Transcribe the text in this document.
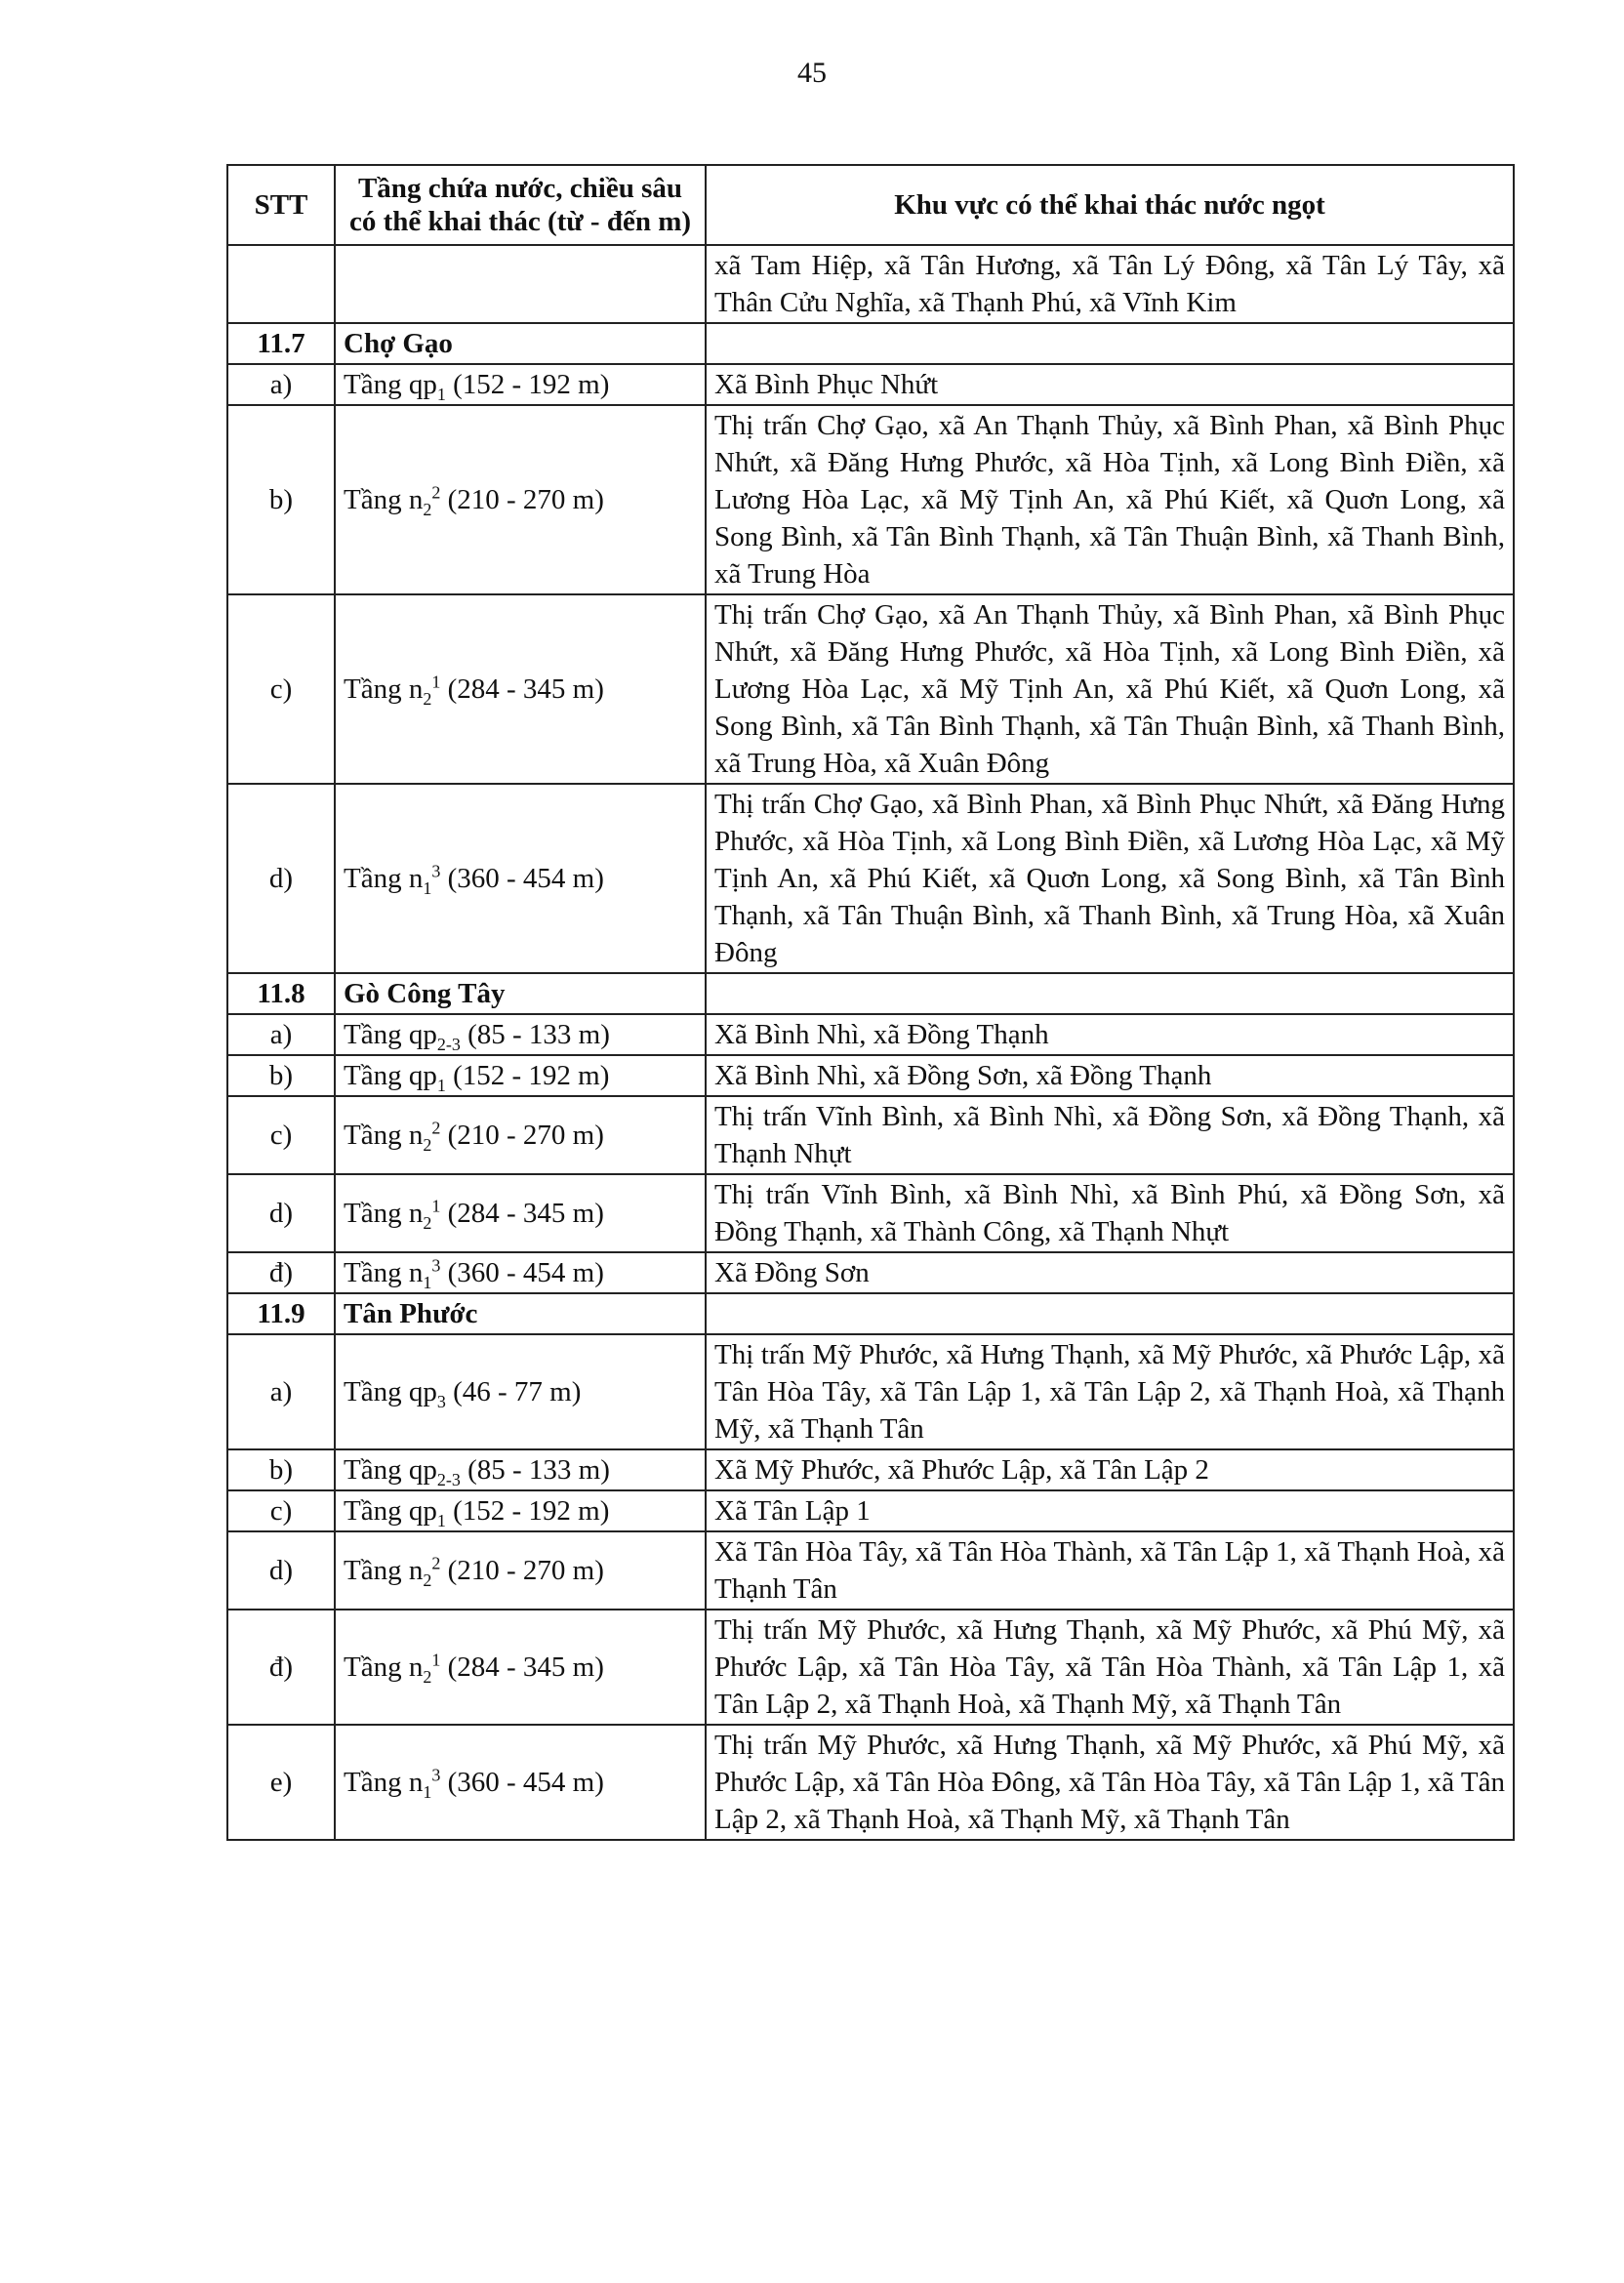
45
STT	Tầng chứa nước, chiều sâu có thể khai thác (từ - đến m)	Khu vực có thể khai thác nước ngọt
		xã Tam Hiệp, xã Tân Hương, xã Tân Lý Đông, xã Tân Lý Tây, xã Thân Cửu Nghĩa, xã Thạnh Phú, xã Vĩnh Kim
11.7	Chợ Gạo	
a)	Tầng $qp_1$ (152 - 192 m)	Xã Bình Phục Nhứt
b)	Tầng $n_2^2$ (210 - 270 m)	Thị trấn Chợ Gạo, xã An Thạnh Thủy, xã Bình Phan, xã Bình Phục Nhứt, xã Đăng Hưng Phước, xã Hòa Tịnh, xã Long Bình Điền, xã Lương Hòa Lạc, xã Mỹ Tịnh An, xã Phú Kiết, xã Quơn Long, xã Song Bình, xã Tân Bình Thạnh, xã Tân Thuận Bình, xã Thanh Bình, xã Trung Hòa
c)	Tầng $n_2^1$ (284 - 345 m)	Thị trấn Chợ Gạo, xã An Thạnh Thủy, xã Bình Phan, xã Bình Phục Nhứt, xã Đăng Hưng Phước, xã Hòa Tịnh, xã Long Bình Điền, xã Lương Hòa Lạc, xã Mỹ Tịnh An, xã Phú Kiết, xã Quơn Long, xã Song Bình, xã Tân Bình Thạnh, xã Tân Thuận Bình, xã Thanh Bình, xã Trung Hòa, xã Xuân Đông
d)	Tầng $n_1^3$ (360 - 454 m)	Thị trấn Chợ Gạo, xã Bình Phan, xã Bình Phục Nhứt, xã Đăng Hưng Phước, xã Hòa Tịnh, xã Long Bình Điền, xã Lương Hòa Lạc, xã Mỹ Tịnh An, xã Phú Kiết, xã Quơn Long, xã Song Bình, xã Tân Bình Thạnh, xã Tân Thuận Bình, xã Thanh Bình, xã Trung Hòa, xã Xuân Đông
11.8	Gò Công Tây	
a)	Tầng $qp_{2-3}$ (85 - 133 m)	Xã Bình Nhì, xã Đồng Thạnh
b)	Tầng $qp_1$ (152 - 192 m)	Xã Bình Nhì, xã Đồng Sơn, xã Đồng Thạnh
c)	Tầng $n_2^2$ (210 - 270 m)	Thị trấn Vĩnh Bình, xã Bình Nhì, xã Đồng Sơn, xã Đồng Thạnh, xã Thạnh Nhựt
d)	Tầng $n_2^1$ (284 - 345 m)	Thị trấn Vĩnh Bình, xã Bình Nhì, xã Bình Phú, xã Đồng Sơn, xã Đồng Thạnh, xã Thành Công, xã Thạnh Nhựt
đ)	Tầng $n_1^3$ (360 - 454 m)	Xã Đồng Sơn
11.9	Tân Phước	
a)	Tầng $qp_3$ (46 - 77 m)	Thị trấn Mỹ Phước, xã Hưng Thạnh, xã Mỹ Phước, xã Phước Lập, xã Tân Hòa Tây, xã Tân Lập 1, xã Tân Lập 2, xã Thạnh Hoà, xã Thạnh Mỹ, xã Thạnh Tân
b)	Tầng $qp_{2-3}$ (85 - 133 m)	Xã Mỹ Phước, xã Phước Lập, xã Tân Lập 2
c)	Tầng $qp_1$ (152 - 192 m)	Xã Tân Lập 1
d)	Tầng $n_2^2$ (210 - 270 m)	Xã Tân Hòa Tây, xã Tân Hòa Thành, xã Tân Lập 1, xã Thạnh Hoà, xã Thạnh Tân
đ)	Tầng $n_2^1$ (284 - 345 m)	Thị trấn Mỹ Phước, xã Hưng Thạnh, xã Mỹ Phước, xã Phú Mỹ, xã Phước Lập, xã Tân Hòa Tây, xã Tân Hòa Thành, xã Tân Lập 1, xã Tân Lập 2, xã Thạnh Hoà, xã Thạnh Mỹ, xã Thạnh Tân
e)	Tầng $n_1^3$ (360 - 454 m)	Thị trấn Mỹ Phước, xã Hưng Thạnh, xã Mỹ Phước, xã Phú Mỹ, xã Phước Lập, xã Tân Hòa Đông, xã Tân Hòa Tây, xã Tân Lập 1, xã Tân Lập 2, xã Thạnh Hoà, xã Thạnh Mỹ, xã Thạnh Tân
